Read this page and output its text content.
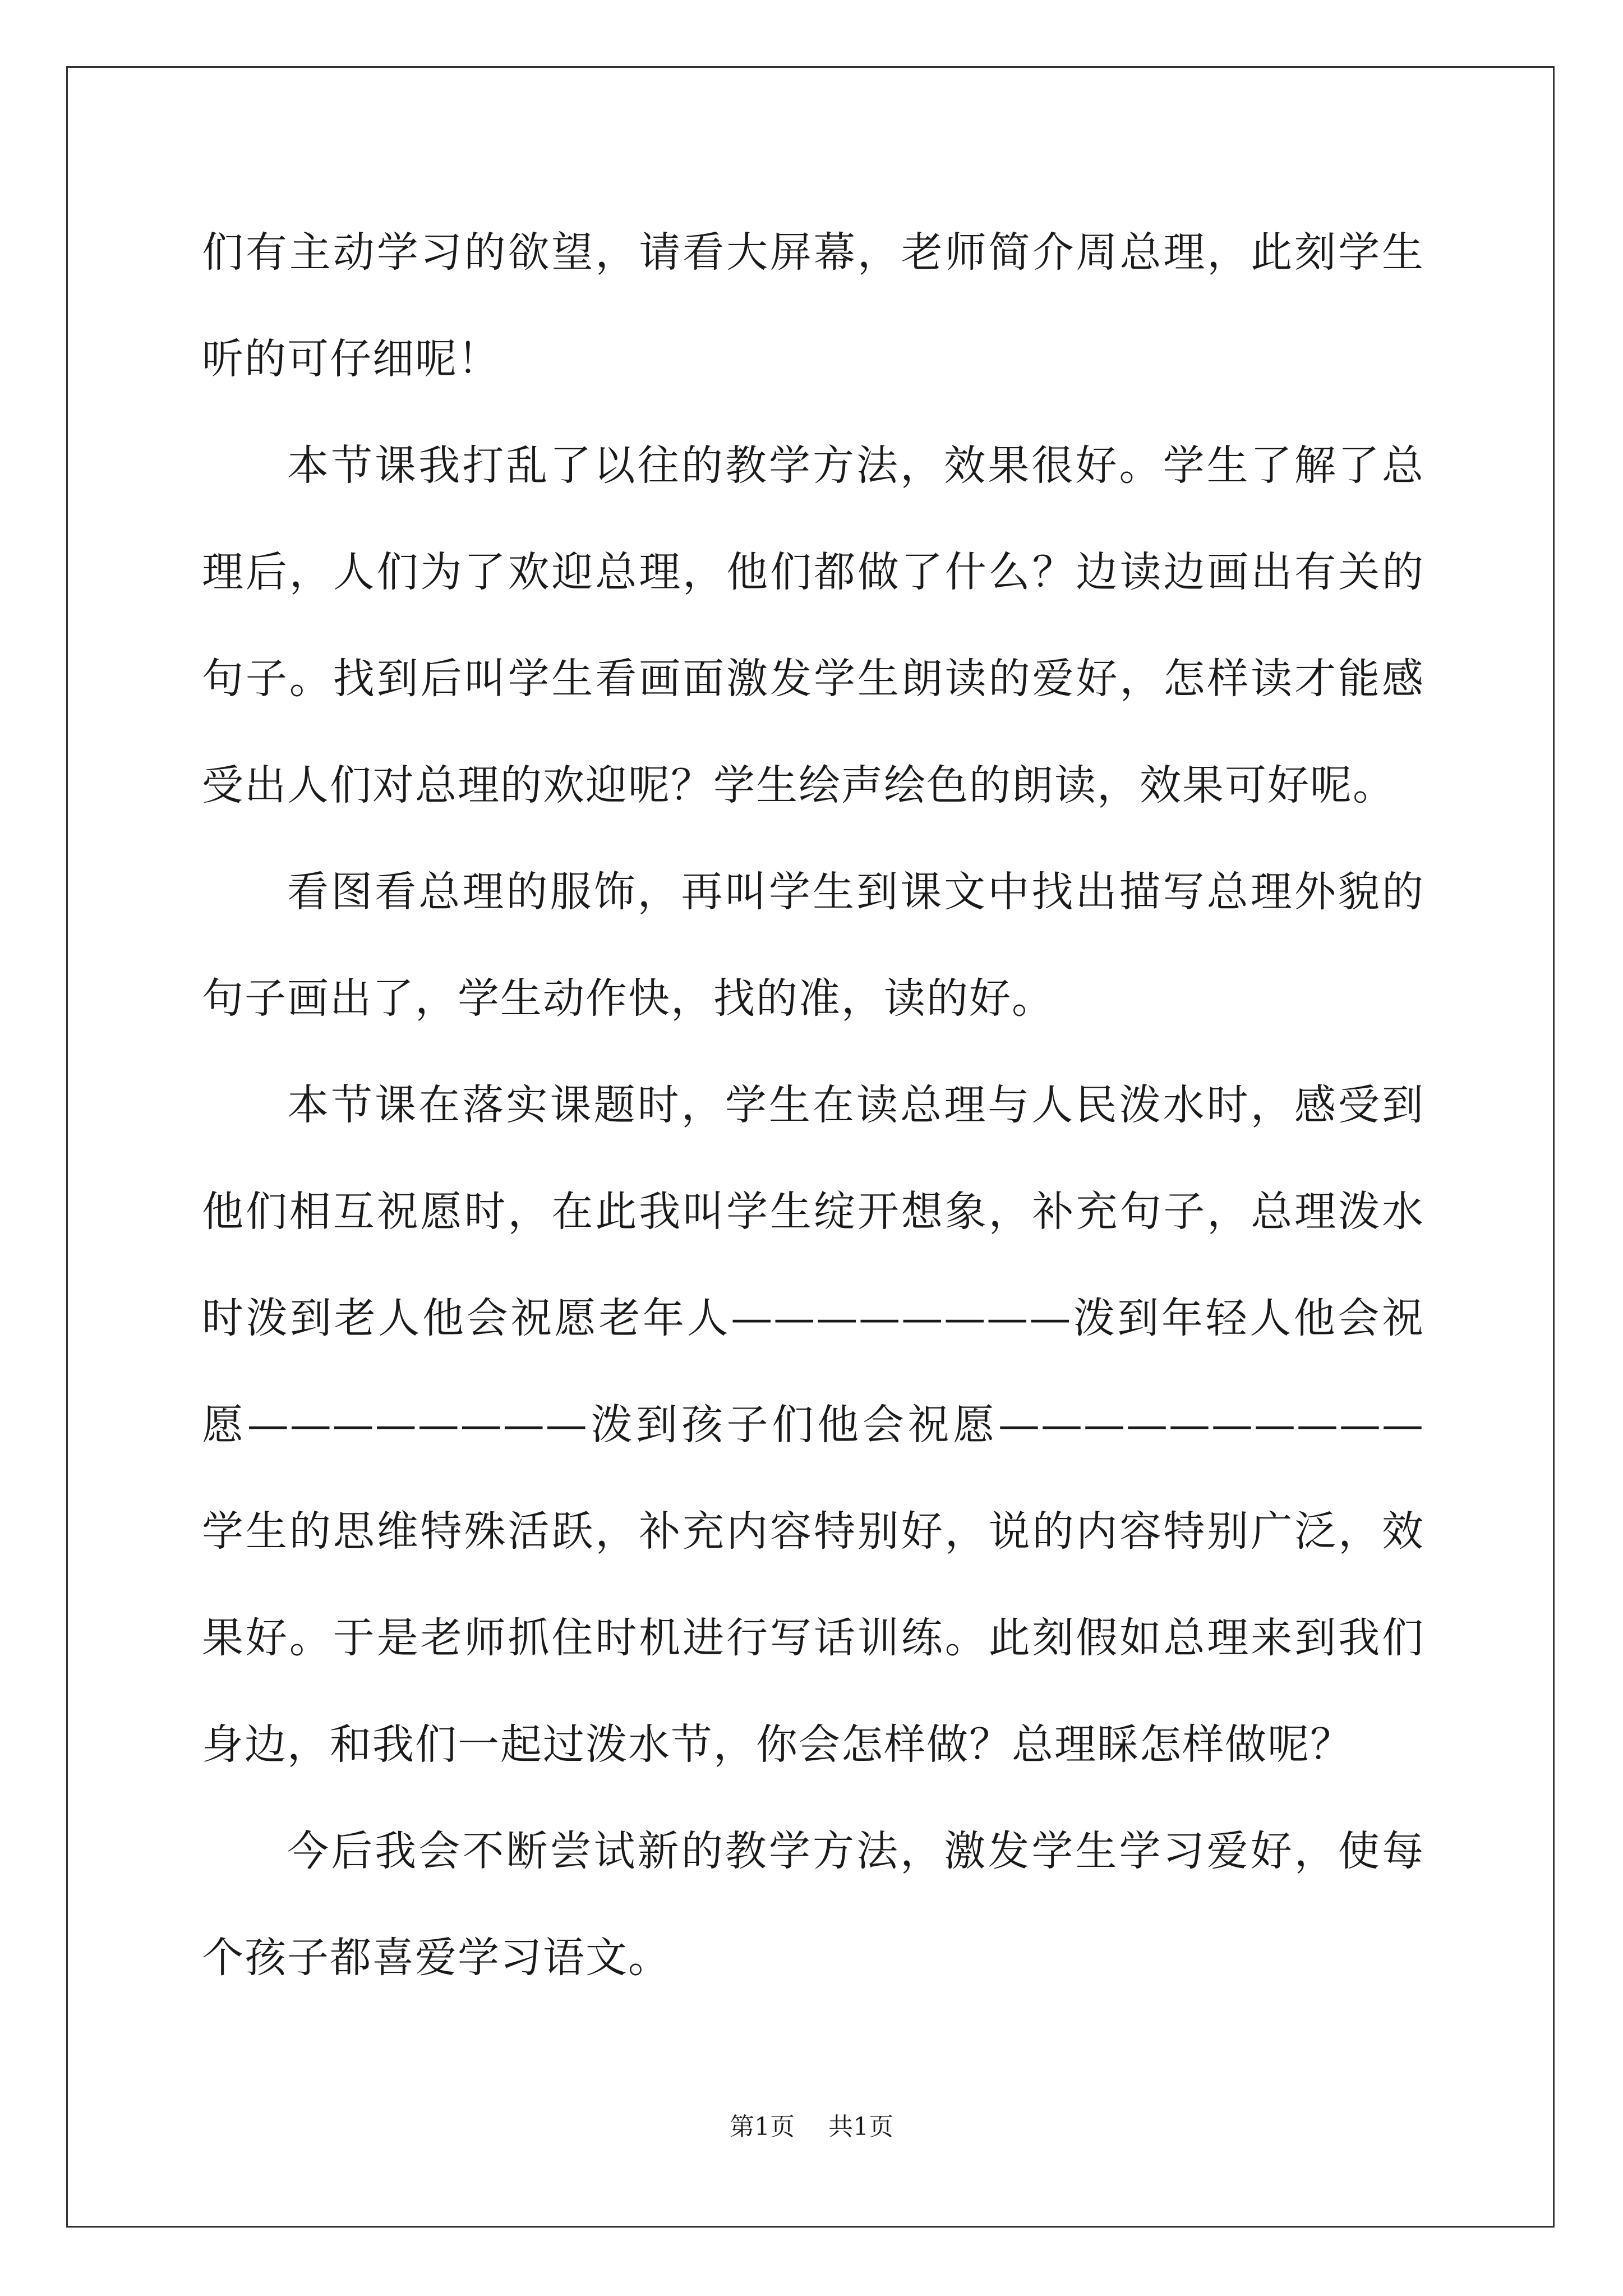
们有主动学习的欲望，请看大屏幕，老师简介周总理，此刻学生听的可仔细呢！

本节课我打乱了以往的教学方法，效果很好。学生了解了总理后，人们为了欢迎总理，他们都做了什么？边读边画出有关的句子。找到后叫学生看画面激发学生朗读的爱好，怎样读才能感受出人们对总理的欢迎呢？学生绘声绘色的朗读，效果可好呢。

看图看总理的服饰，再叫学生到课文中找出描写总理外貌的句子画出了，学生动作快，找的准，读的好。

本节课在落实课题时，学生在读总理与人民泼水时，感受到他们相互祝愿时，在此我叫学生绽开想象，补充句子，总理泼水时泼到老人他会祝愿老年人————————泼到年轻人他会祝愿————————泼到孩子们他会祝愿——————————学生的思维特殊活跃，补充内容特别好，说的内容特别广泛，效果好。于是老师抓住时机进行写话训练。此刻假如总理来到我们身边，和我们一起过泼水节，你会怎样做？总理睬怎样做呢？

今后我会不断尝试新的教学方法，激发学生学习爱好，使每个孩子都喜爱学习语文。

第1页 共1页
